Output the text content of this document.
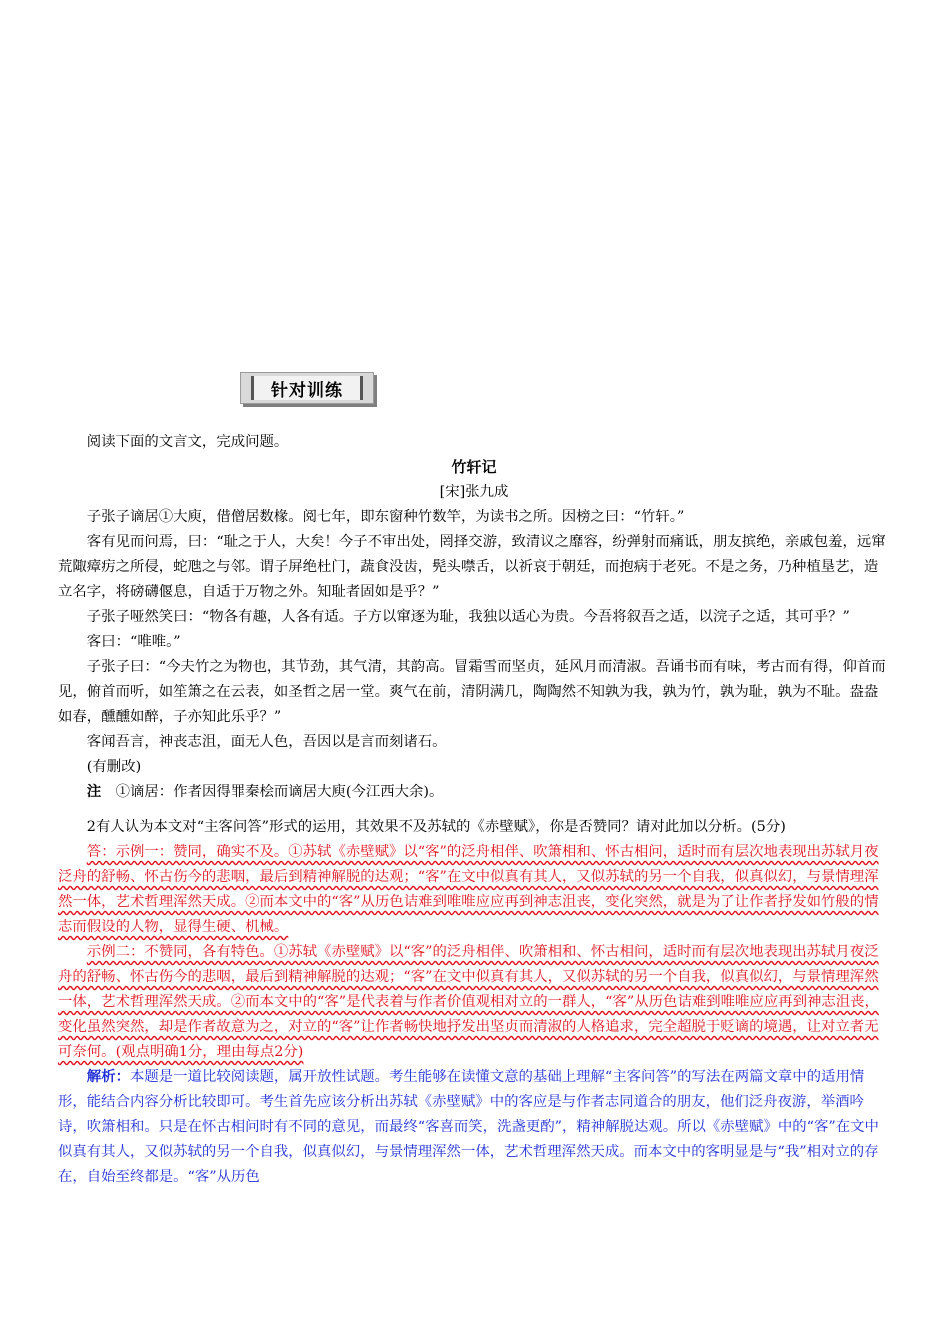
针对训练

阅读下面的文言文，完成问题。

竹轩记

[宋]张九成

子张子谪居①大庾，借僧居数椽。阅七年，即东窗种竹数竿，为读书之所。因榜之曰：“竹轩。”

客有见而问焉，曰：“耻之于人，大矣！今子不审出处，罔择交游，致清议之靡容，纷弹射而痛诋，朋友摈绝，亲戚包羞，远窜荒陬瘴疠之所侵，蛇虺之与邻。谓子屏绝杜门，蔬食没齿，髡头噤舌，以祈哀于朝廷，而抱病于老死。不是之务，乃种植垦艺，造立名字，将磅礴偃息，自适于万物之外。知耻者固如是乎？”

子张子哑然笑曰：“物各有趣，人各有适。子方以窜逐为耻，我独以适心为贵。今吾将叙吾之适，以浣子之适，其可乎？”

客曰：“唯唯。”

子张子曰：“今夫竹之为物也，其节劲，其气清，其韵高。冒霜雪而坚贞，延风月而清淑。吾诵书而有味，考古而有得，仰首而见，俯首而听，如笙箫之在云表，如圣哲之居一堂。爽气在前，清阴满几，陶陶然不知孰为我，孰为竹，孰为耻，孰为不耻。盎盎如春，醺醺如醉，子亦知此乐乎？”

客闻吾言，神丧志沮，面无人色，吾因以是言而刻诸石。

(有删改)

注　 ①谪居：作者因得罪秦桧而谪居大庾(今江西大余)。

2有人认为本文对“主客问答”形式的运用，其效果不及苏轼的《赤壁赋》，你是否赞同？请对此加以分析。(5分)

答：示例一：赞同，确实不及。①苏轼《赤壁赋》以“客”的泛舟相伴、吹箫相和、怀古相问，适时而有层次地表现出苏轼月夜泛舟的舒畅、怀古伤今的悲咽，最后到精神解脱的达观；“客”在文中似真有其人，又似苏轼的另一个自我，似真似幻，与景情理浑然一体，艺术哲理浑然天成。②而本文中的“客”从历色诘难到唯唯应应再到神志沮丧，变化突然，就是为了让作者抒发如竹般的情志而假设的人物，显得生硬、机械。

示例二：不赞同，各有特色。①苏轼《赤壁赋》以“客”的泛舟相伴、吹箫相和、怀古相问，适时而有层次地表现出苏轼月夜泛舟的舒畅、怀古伤今的悲咽，最后到精神解脱的达观；“客”在文中似真有其人，又似苏轼的另一个自我，似真似幻，与景情理浑然一体，艺术哲理浑然天成。②而本文中的“客”是代表着与作者价值观相对立的一群人，“客”从历色诘难到唯唯应应再到神志沮丧，变化虽然突然，却是作者故意为之，对立的“客”让作者畅快地抒发出坚贞而清淑的人格追求，完全超脱于贬谪的境遇，让对立者无可奈何。(观点明确1分，理由每点2分)

解析：本题是一道比较阅读题，属开放性试题。考生能够在读懂文意的基础上理解“主客问答”的写法在两篇文章中的适用情形，能结合内容分析比较即可。考生首先应该分析出苏轼《赤壁赋》中的客应是与作者志同道合的朋友，他们泛舟夜游，举酒吟诗，吹箫相和。只是在怀古相问时有不同的意见，而最终“客喜而笑，洗盏更酌”，精神解脱达观。所以《赤壁赋》中的“客”在文中似真有其人，又似苏轼的另一个自我，似真似幻，与景情理浑然一体，艺术哲理浑然天成。而本文中的客明显是与“我”相对立的存在，自始至终都是。“客”从历色
